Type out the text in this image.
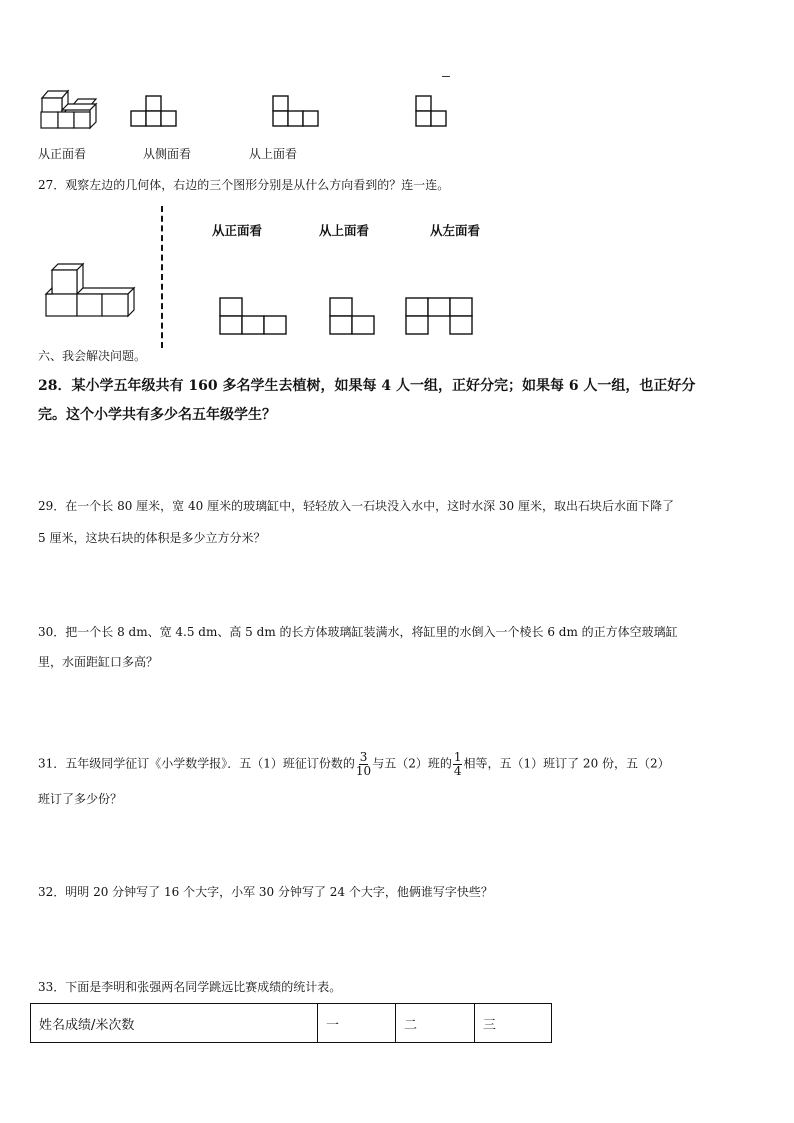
从正面看	从侧面看	从上面看
27．观察左边的几何体，右边的三个图形分别是从什么方向看到的？连一连。
从正面看	从上面看	从左面看
六、我会解决问题。
28．某小学五年级共有 160 多名学生去植树，如果每 4 人一组，正好分完；如果每 6 人一组，也正好分
完。这个小学共有多少名五年级学生？
29．在一个长 80 厘米，宽 40 厘米的玻璃缸中，轻轻放入一石块没入水中，这时水深 30 厘米，取出石块后水面下降了
5 厘米，这块石块的体积是多少立方分米？
30．把一个长 8 dm、宽 4.5 dm、高 5 dm 的长方体玻璃缸装满水，将缸里的水倒入一个棱长 6 dm 的正方体空玻璃缸
里，水面距缸口多高？
31．五年级同学征订《小学数学报》．五（1）班征订份数的 $\frac{3}{10}$ 与五（2）班的 $\frac{1}{4}$ 相等，五（1）班订了 20 份，五（2）
班订了多少份？
32．明明 20 分钟写了 16 个大字，小军 30 分钟写了 24 个大字，他俩谁写字快些？
33．下面是李明和张强两名同学跳远比赛成绩的统计表。
姓名成绩/米次数	一	二	三
